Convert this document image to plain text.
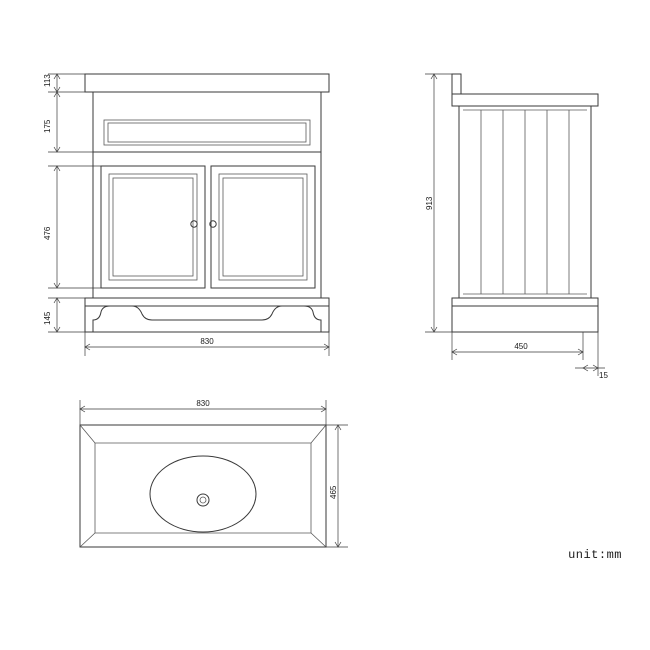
113
175
476
145
830
913
450
15
830
465
unit:mm
